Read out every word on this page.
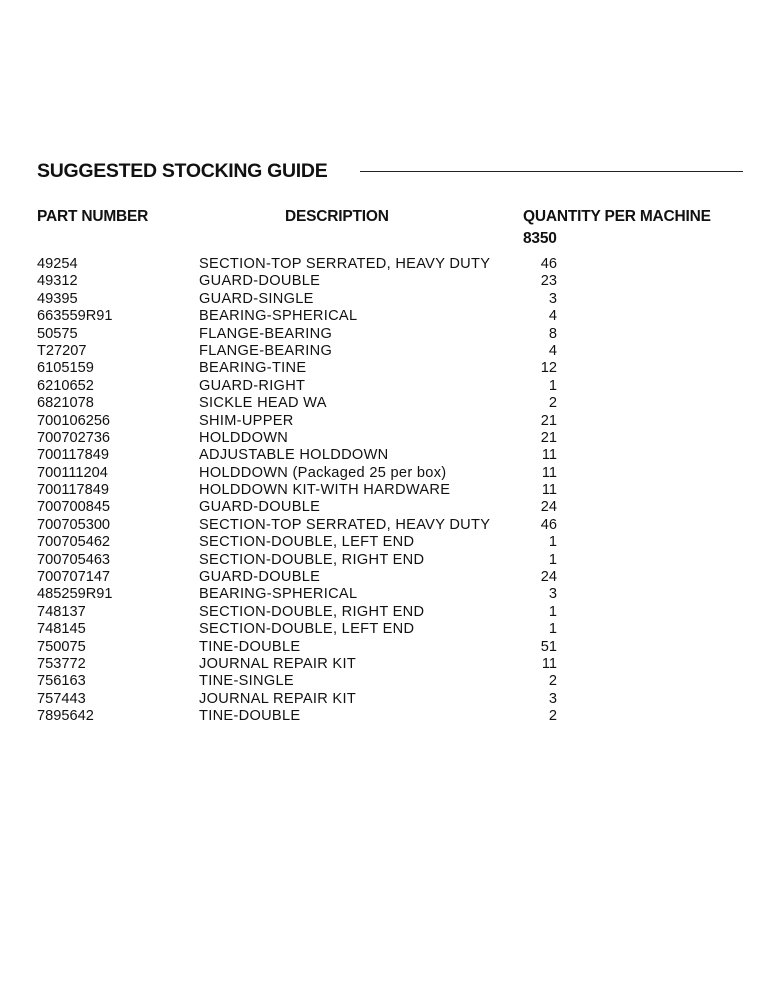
SUGGESTED STOCKING GUIDE
PART NUMBER	DESCRIPTION	QUANTITY PER MACHINE
8350
49254	SECTION-TOP SERRATED, HEAVY DUTY	46
49312	GUARD-DOUBLE	23
49395	GUARD-SINGLE	3
663559R91	BEARING-SPHERICAL	4
50575	FLANGE-BEARING	8
T27207	FLANGE-BEARING	4
6105159	BEARING-TINE	12
6210652	GUARD-RIGHT	1
6821078	SICKLE HEAD WA	2
700106256	SHIM-UPPER	21
700702736	HOLDDOWN	21
700117849	ADJUSTABLE HOLDDOWN	11
700111204	HOLDDOWN (Packaged 25 per box)	11
700117849	HOLDDOWN KIT-WITH HARDWARE	11
700700845	GUARD-DOUBLE	24
700705300	SECTION-TOP SERRATED, HEAVY DUTY	46
700705462	SECTION-DOUBLE, LEFT END	1
700705463	SECTION-DOUBLE, RIGHT END	1
700707147	GUARD-DOUBLE	24
485259R91	BEARING-SPHERICAL	3
748137	SECTION-DOUBLE, RIGHT END	1
748145	SECTION-DOUBLE, LEFT END	1
750075	TINE-DOUBLE	51
753772	JOURNAL REPAIR KIT	11
756163	TINE-SINGLE	2
757443	JOURNAL REPAIR KIT	3
7895642	TINE-DOUBLE	2
